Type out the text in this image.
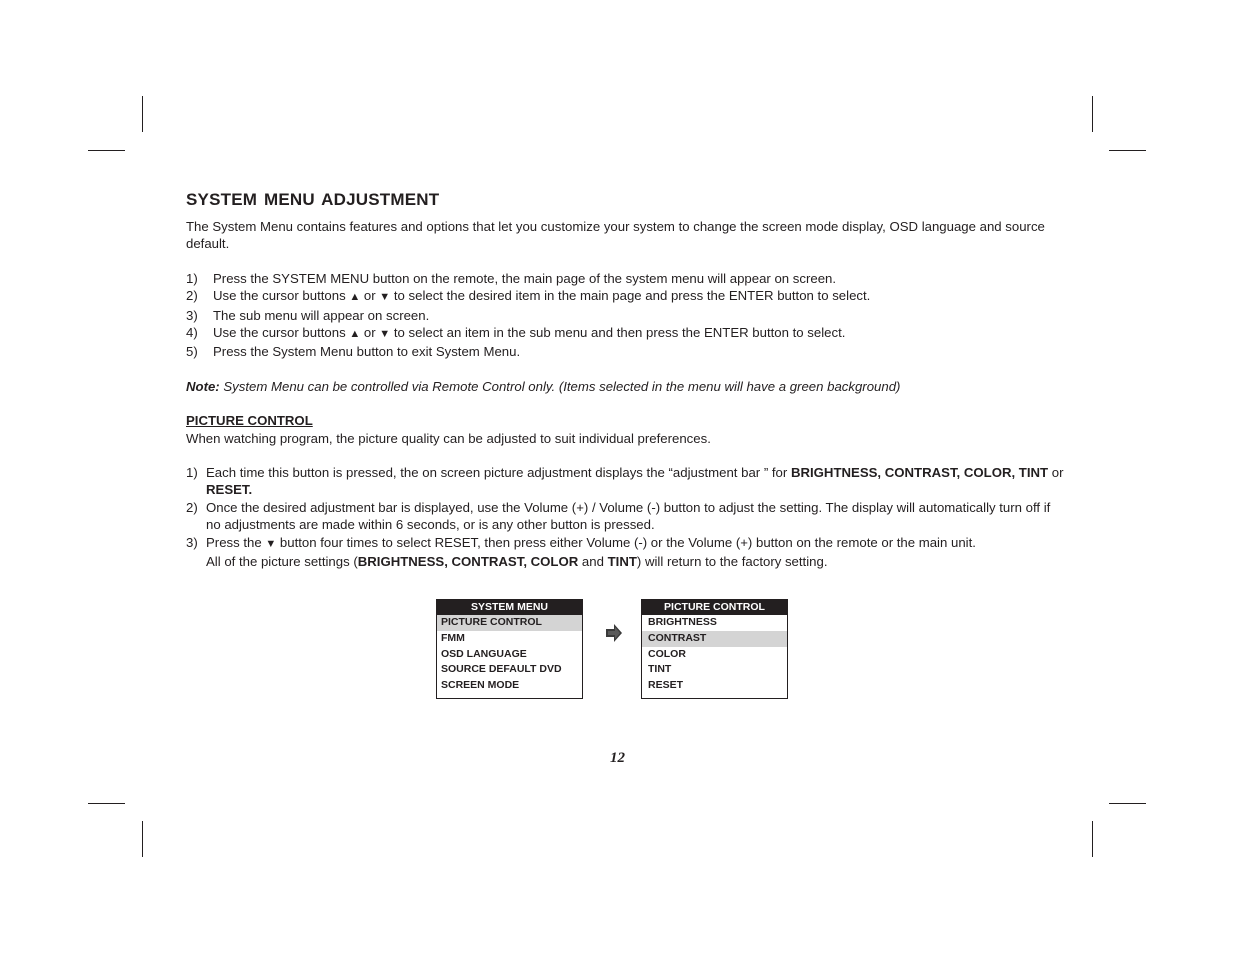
SYSTEM MENU ADJUSTMENT

The System Menu contains features and options that let you customize your system to change the screen mode display, OSD language and source default.

1) Press the SYSTEM MENU button on the remote, the main page of the system menu will appear on screen.
2) Use the cursor buttons ▲ or ▼ to select the desired item in the main page and press the ENTER button to select.
3) The sub menu will appear on screen.
4) Use the cursor buttons ▲ or ▼ to select an item in the sub menu and then press the ENTER button to select.
5) Press the System Menu button to exit System Menu.

Note: System Menu can be controlled via Remote Control only. (Items selected in the menu will have a green background)

PICTURE CONTROL

When watching program, the picture quality can be adjusted to suit individual preferences.

1) Each time this button is pressed, the on screen picture adjustment displays the “adjustment bar ” for BRIGHTNESS, CONTRAST, COLOR, TINT or RESET.
2) Once the desired adjustment bar is displayed, use the Volume (+) / Volume (-) button to adjust the setting. The display will automatically turn off if no adjustments are made within 6 seconds, or is any other button is pressed.
3) Press the ▼ button four times to select RESET, then press either Volume (-) or the Volume (+) button on the remote or the main unit.
All of the picture settings (BRIGHTNESS, CONTRAST, COLOR and TINT) will return to the factory setting.
SYSTEM MENU
PICTURE CONTROL
FMM
OSD LANGUAGE
SOURCE DEFAULT DVD
SCREEN MODE
PICTURE CONTROL
BRIGHTNESS
CONTRAST
COLOR
TINT
RESET
12
